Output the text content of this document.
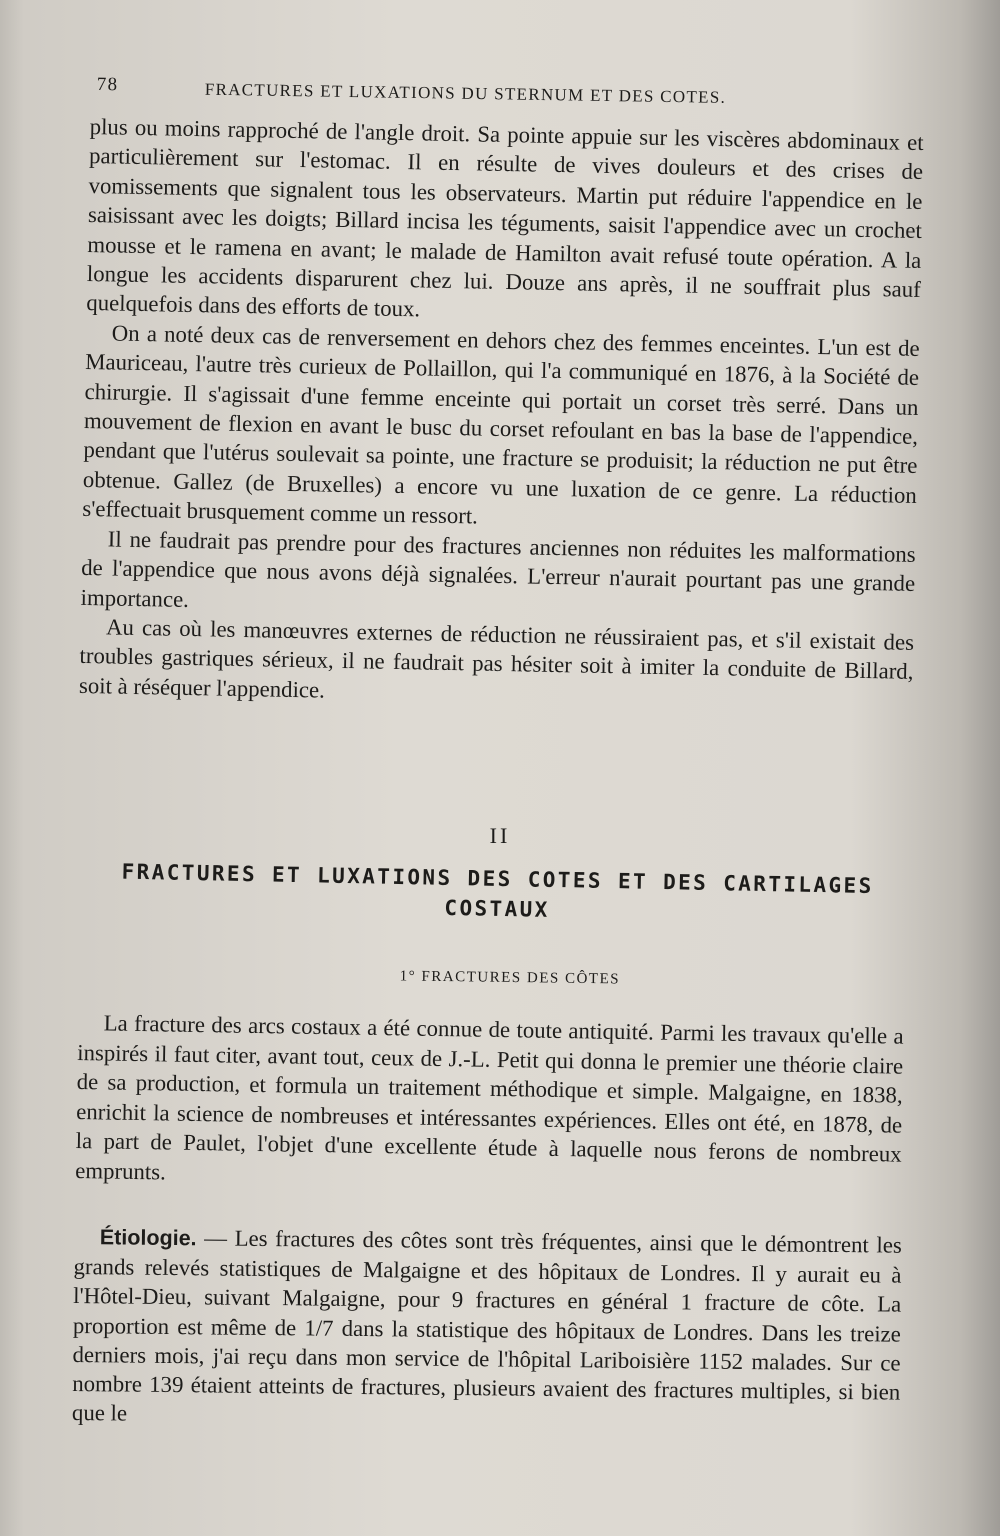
78	FRACTURES ET LUXATIONS DU STERNUM ET DES COTES.

plus ou moins rapproché de l'angle droit. Sa pointe appuie sur les viscères abdominaux et particulièrement sur l'estomac. Il en résulte de vives douleurs et des crises de vomissements que signalent tous les observateurs. Martin put réduire l'appendice en le saisissant avec les doigts; Billard incisa les téguments, saisit l'appendice avec un crochet mousse et le ramena en avant; le malade de Hamilton avait refusé toute opération. A la longue les accidents disparurent chez lui. Douze ans après, il ne souffrait plus sauf quelquefois dans des efforts de toux.

On a noté deux cas de renversement en dehors chez des femmes enceintes. L'un est de Mauriceau, l'autre très curieux de Pollaillon, qui l'a communiqué en 1876, à la Société de chirurgie. Il s'agissait d'une femme enceinte qui portait un corset très serré. Dans un mouvement de flexion en avant le busc du corset refoulant en bas la base de l'appendice, pendant que l'utérus soulevait sa pointe, une fracture se produisit; la réduction ne put être obtenue. Gallez (de Bruxelles) a encore vu une luxation de ce genre. La réduction s'effectuait brusquement comme un ressort.

Il ne faudrait pas prendre pour des fractures anciennes non réduites les malformations de l'appendice que nous avons déjà signalées. L'erreur n'aurait pourtant pas une grande importance.

Au cas où les manœuvres externes de réduction ne réussiraient pas, et s'il existait des troubles gastriques sérieux, il ne faudrait pas hésiter soit à imiter la conduite de Billard, soit à réséquer l'appendice.

II
FRACTURES ET LUXATIONS DES COTES ET DES CARTILAGES COSTAUX
1° FRACTURES DES CÔTES

La fracture des arcs costaux a été connue de toute antiquité. Parmi les travaux qu'elle a inspirés il faut citer, avant tout, ceux de J.-L. Petit qui donna le premier une théorie claire de sa production, et formula un traitement méthodique et simple. Malgaigne, en 1838, enrichit la science de nombreuses et intéressantes expériences. Elles ont été, en 1878, de la part de Paulet, l'objet d'une excellente étude à laquelle nous ferons de nombreux emprunts.

Étiologie. — Les fractures des côtes sont très fréquentes, ainsi que le démontrent les grands relevés statistiques de Malgaigne et des hôpitaux de Londres. Il y aurait eu à l'Hôtel-Dieu, suivant Malgaigne, pour 9 fractures en général 1 fracture de côte. La proportion est même de 1/7 dans la statistique des hôpitaux de Londres. Dans les treize derniers mois, j'ai reçu dans mon service de l'hôpital Lariboisière 1152 malades. Sur ce nombre 139 étaient atteints de fractures, plusieurs avaient des fractures multiples, si bien que le
